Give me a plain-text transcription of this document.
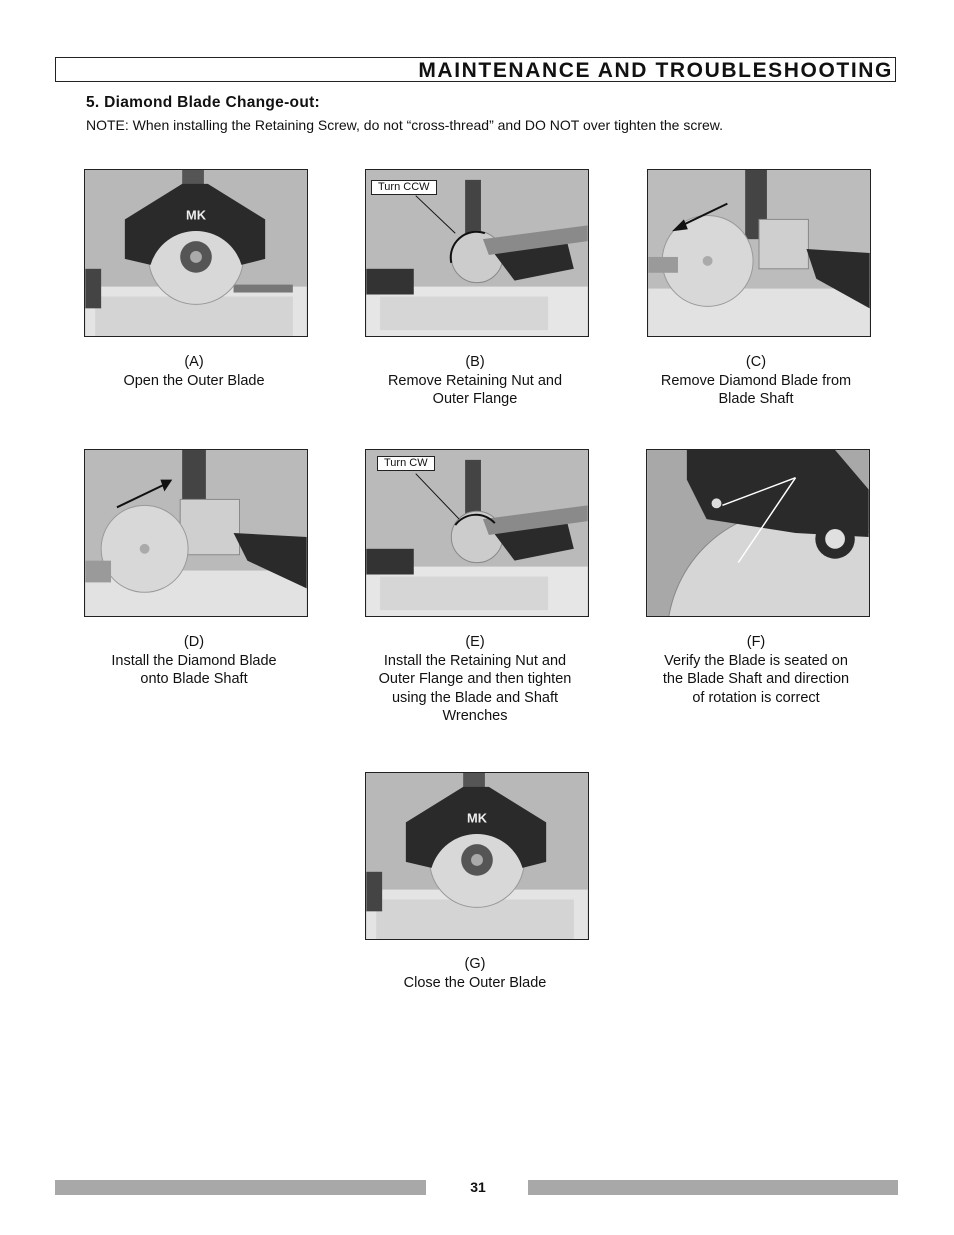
MAINTENANCE AND TROUBLESHOOTING
5. Diamond Blade Change-out:
NOTE: When installing the Retaining Screw, do not “cross-thread” and DO NOT over tighten the screw.
MK
(A)
Open the Outer Blade
Turn CCW
(B)
Remove Retaining Nut and
Outer Flange
(C)
Remove Diamond Blade from
Blade Shaft
(D)
Install the Diamond Blade
onto Blade Shaft
Turn CW
(E)
Install the Retaining Nut and
Outer Flange and then tighten
using the Blade and Shaft
Wrenches
(F)
Verify the Blade is seated on
the Blade Shaft and direction
of rotation is correct
MK
(G)
Close the Outer Blade
31
